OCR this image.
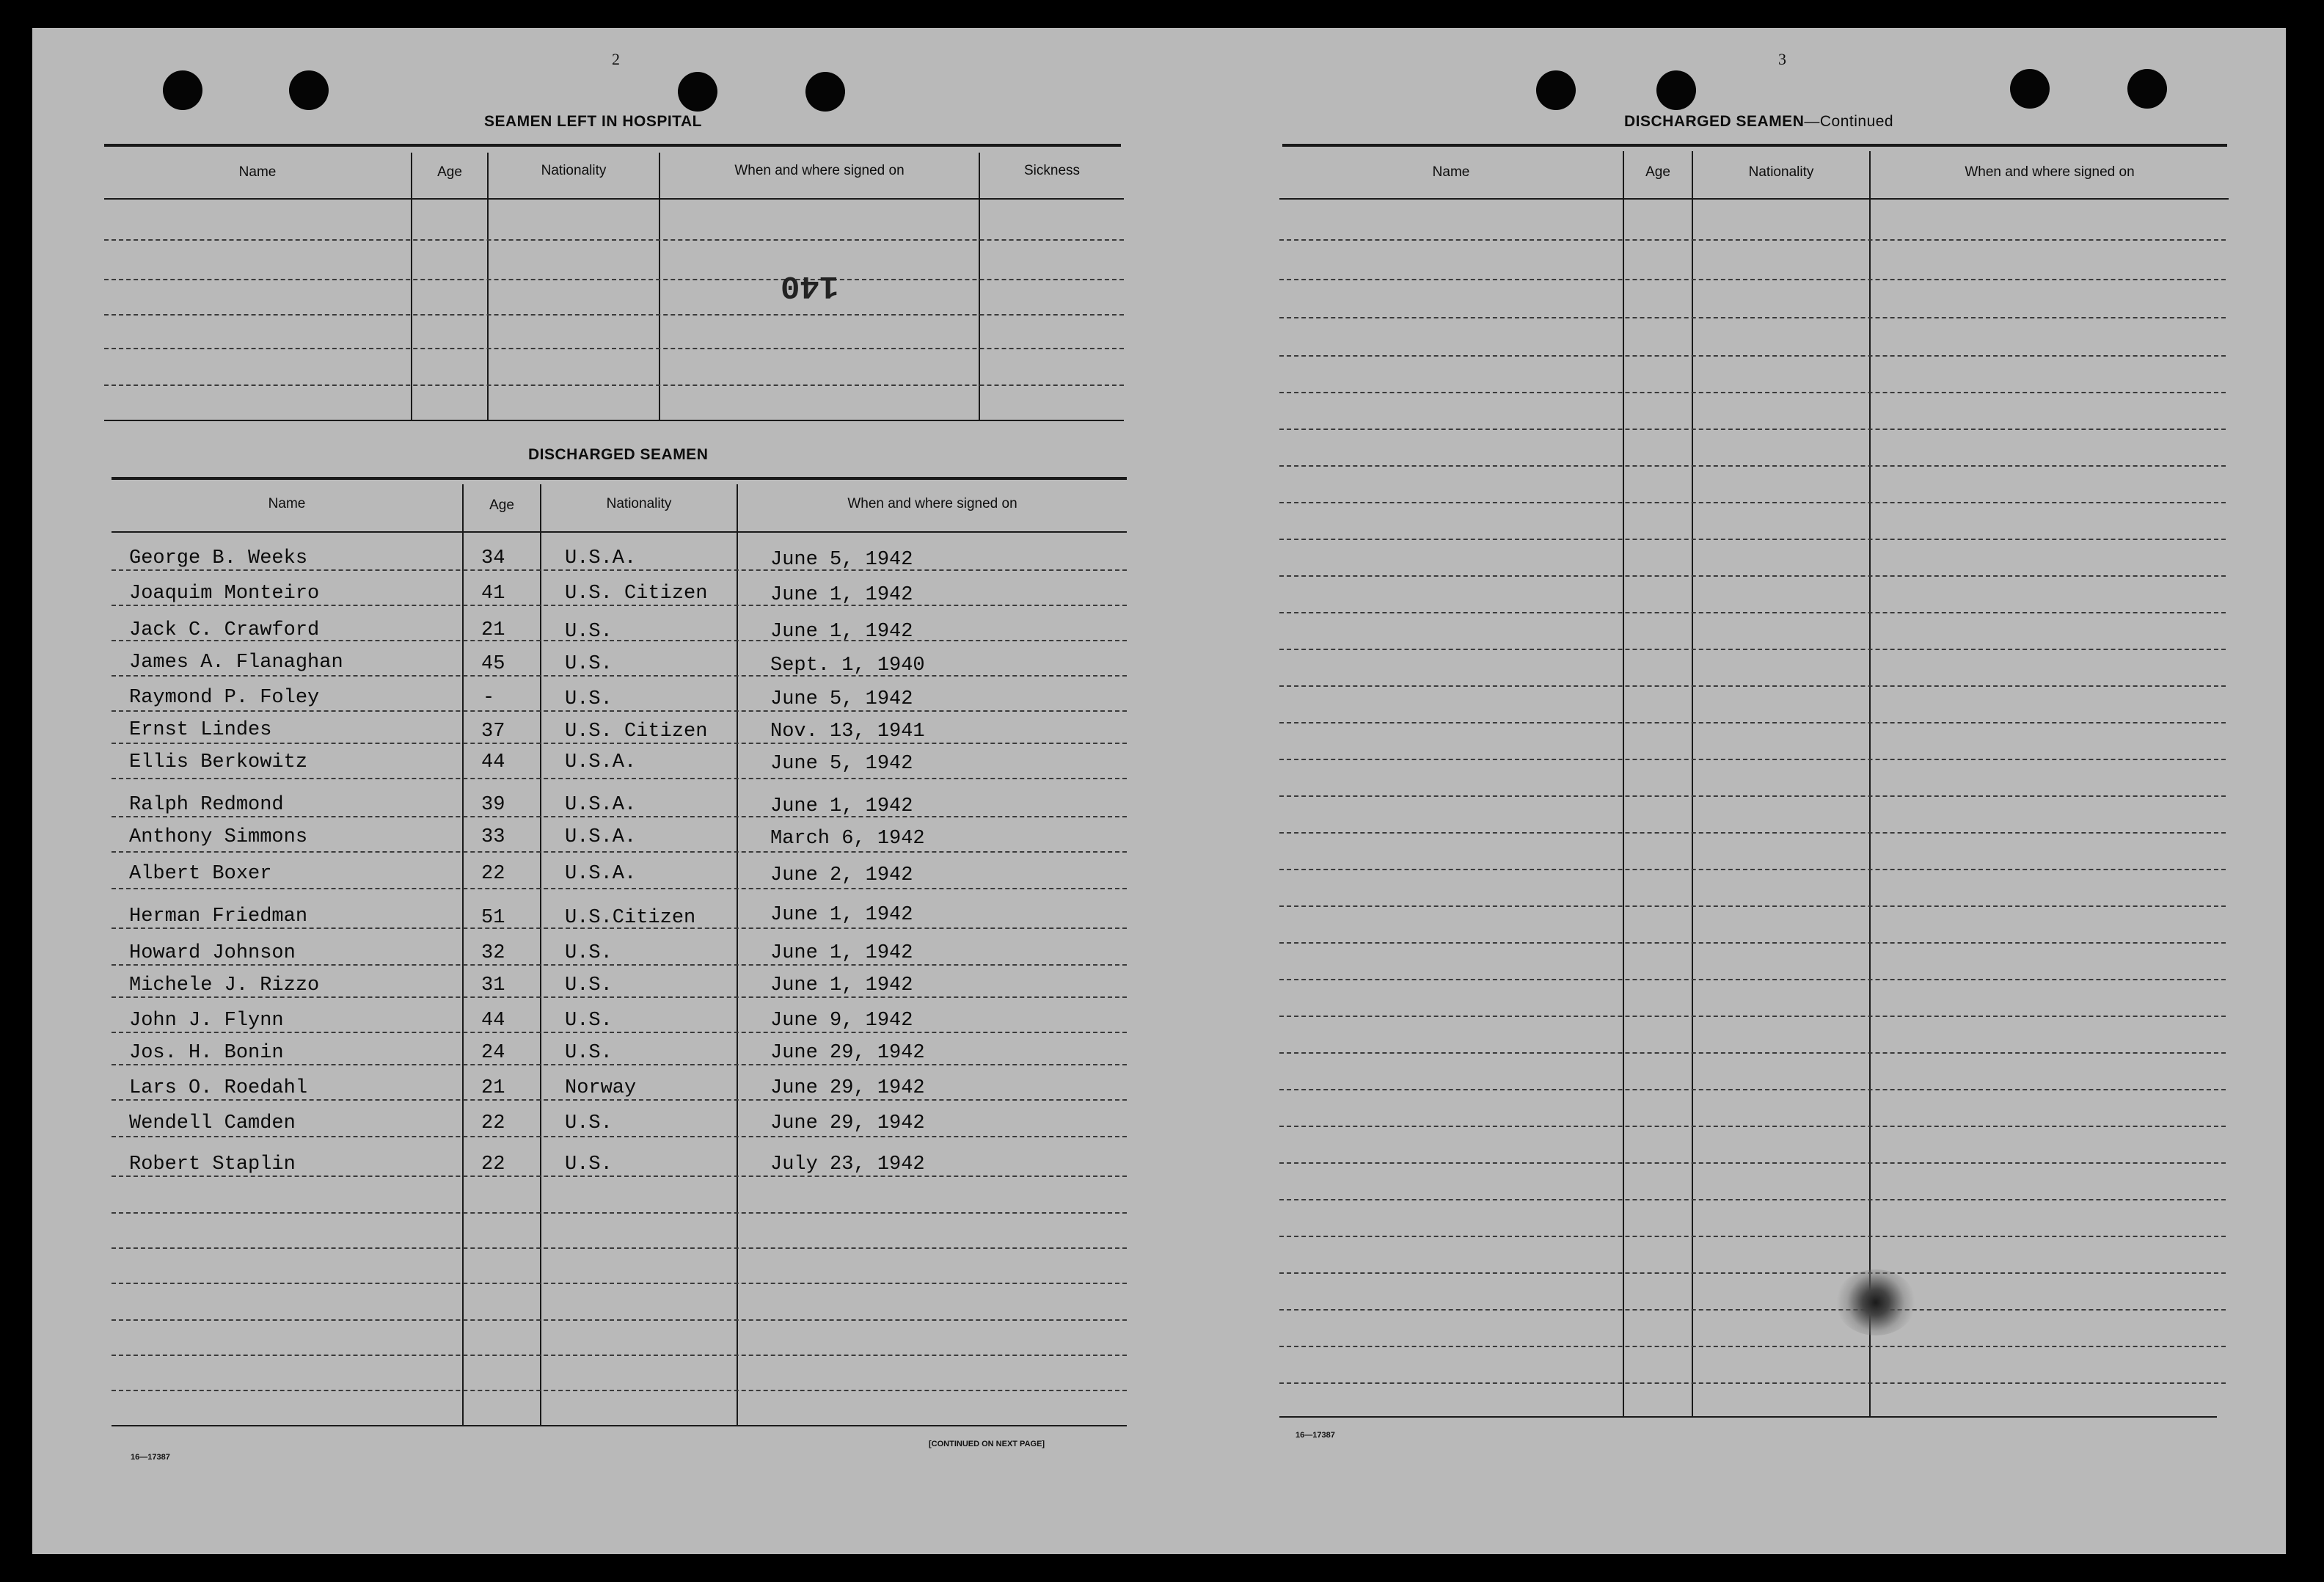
2
SEAMEN LEFT IN HOSPITAL
Name	Age	Nationality	When and where signed on	Sickness
140
DISCHARGED SEAMEN
Name	Age	Nationality	When and where signed on
George B. Weeks	34	U.S.A.	June 5, 1942
Joaquim Monteiro	41	U.S. Citizen	June 1, 1942
Jack C. Crawford	21	U.S.	June 1, 1942
James A. Flanaghan	45	U.S.	Sept. 1, 1940
Raymond P. Foley	-	U.S.	June 5, 1942
Ernst Lindes	37	U.S. Citizen	Nov. 13, 1941
Ellis Berkowitz	44	U.S.A.	June 5, 1942
Ralph Redmond	39	U.S.A.	June 1, 1942
Anthony Simmons	33	U.S.A.	March 6, 1942
Albert Boxer	22	U.S.A.	June 2, 1942
Herman Friedman	51	U.S.Citizen	June 1, 1942
Howard Johnson	32	U.S.	June 1, 1942
Michele J. Rizzo	31	U.S.	June 1, 1942
John J. Flynn	44	U.S.	June 9, 1942
Jos. H. Bonin	24	U.S.	June 29, 1942
Lars O. Roedahl	21	Norway	June 29, 1942
Wendell Camden	22	U.S.	June 29, 1942
Robert Staplin	22	U.S.	July 23, 1942
16—17387
[CONTINUED ON NEXT PAGE]
3
DISCHARGED SEAMEN—Continued
Name	Age	Nationality	When and where signed on
16—17387
